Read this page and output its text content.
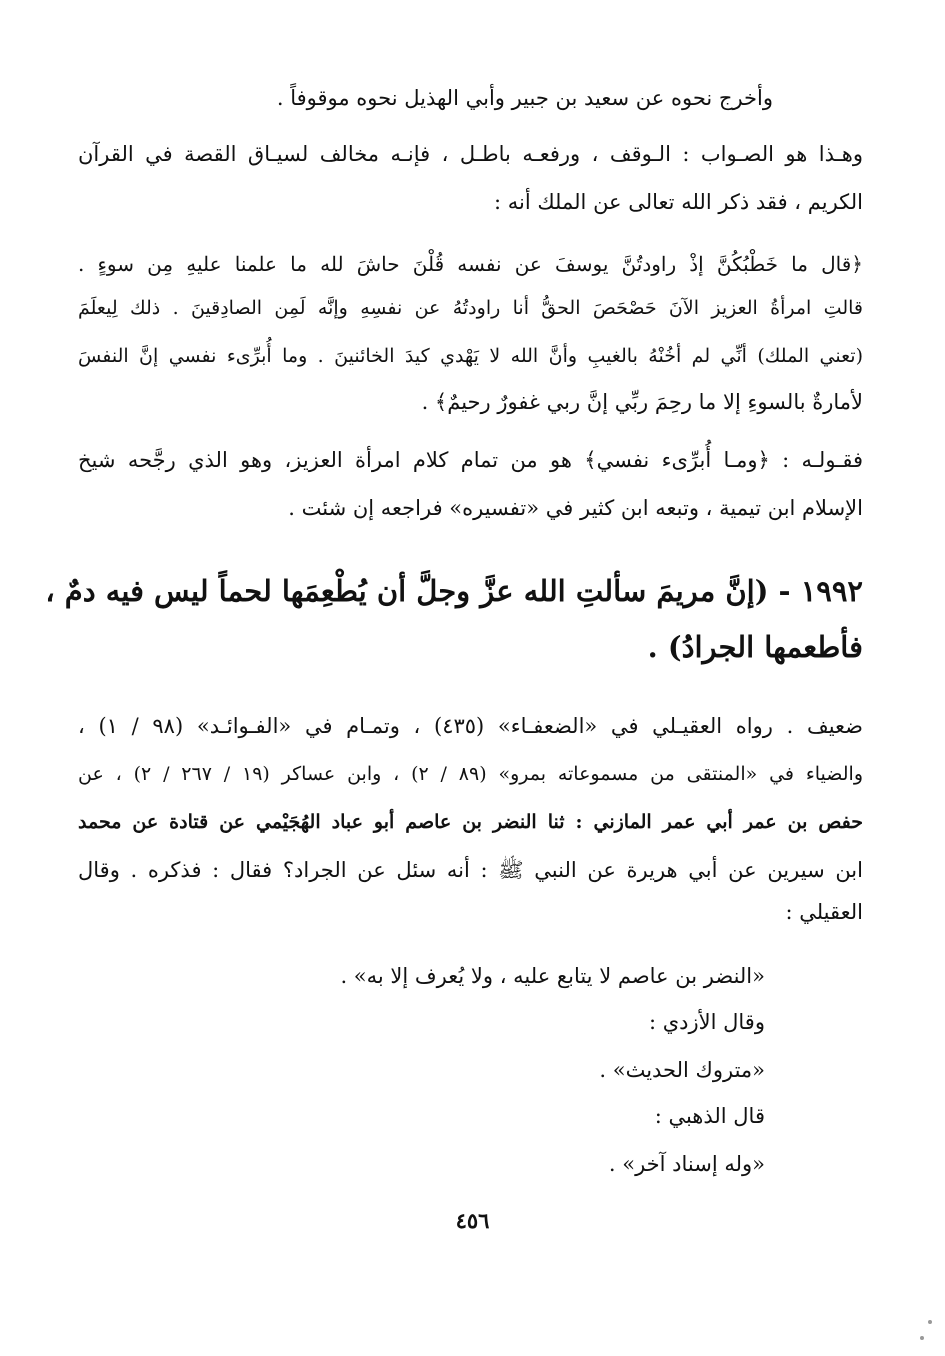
وأخرج نحوه عن سعيد بن جبير وأبي الهذيل نحوه موقوفاً .
وهـذا هو الصـواب : الـوقف ، ورفعـه باطـل ، فإنـه مخالف لسيـاق القصة في القرآن
الكريم ، فقد ذكر الله تعالى عن الملك أنه :
﴿قال ما خَطْبُكُنَّ إذْ راودتُنَّ يوسفَ عن نفسه قُلْنَ حاشَ لله ما علمنا عليهِ مِن سوءٍ .
قالتِ امرأةُ العزيز الآنَ حَصْحَصَ الحقُّ أنا راودتُهُ عن نفسِهِ وإنَّه لَمِن الصادِقينَ . ذلك لِيعلَمَ
(تعني الملك) أنِّي لم أخُنْهُ بالغيبِ وأنَّ الله لا يَهْدي كيدَ الخائنينَ . وما أُبرِّىء نفسي إنَّ النفسَ
لأمارةٌ بالسوءِ إلا ما رحِمَ ربِّي إنَّ ربي غفورٌ رحيمٌ﴾ .
فقـولـه : ﴿ومـا أُبرِّىء نفسي﴾ هو من تمام كلام امرأة العزيز، وهو الذي رجَّحه شيخ
الإسلام ابن تيمية ، وتبعه ابن كثير في «تفسيره» فراجعه إن شئت .
١٩٩٢ - (إنَّ مريمَ سألتِ الله عزَّ وجلَّ أن يُطْعِمَها لحماً ليس فيه دمٌ ،
فأطعمها الجرادُ) .
ضعيف . رواه العقيـلي في «الضعفـاء» (٤٣٥) ، وتمـام في «الفـوائـد» (٩٨ / ١) ،
والضياء في «المنتقى من مسموعاته بمرو» (٨٩ / ٢) ، وابن عساكر (١٩ / ٢٦٧ / ٢) ، عن
حفص بن عمر أبي عمر المازني : ثنا النضر بن عاصم أبو عباد الهُجَيْمي عن قتادة عن محمد
ابن سيرين عن أبي هريرة عن النبي ﷺ : أنه سئل عن الجراد؟ فقال : فذكره . وقال
العقيلي :
«النضر بن عاصم لا يتابع عليه ، ولا يُعرف إلا به» .
وقال الأزدي :
«متروك الحديث» .
قال الذهبي :
«وله إسناد آخر» .
٤٥٦
